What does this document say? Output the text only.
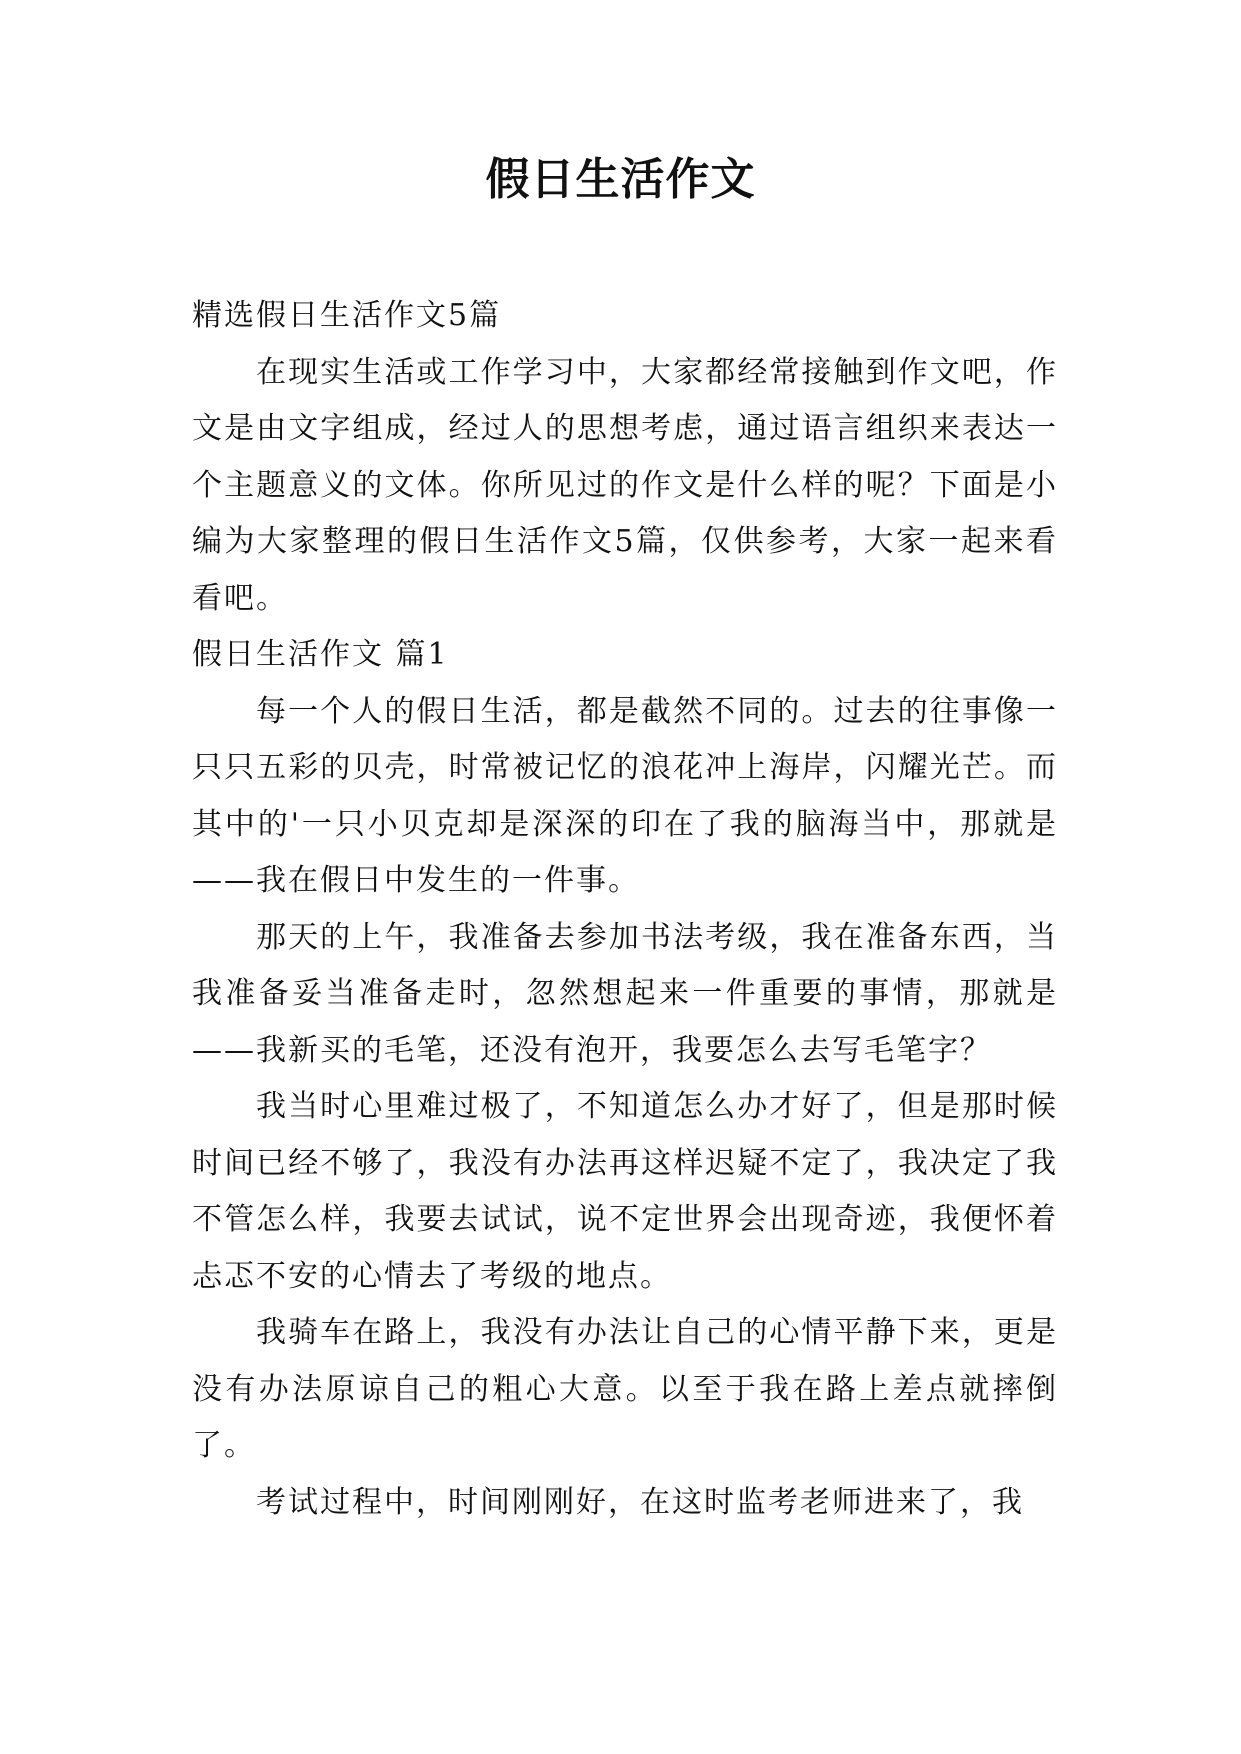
假日生活作文

精选假日生活作文5篇

在现实生活或工作学习中，大家都经常接触到作文吧，作文是由文字组成，经过人的思想考虑，通过语言组织来表达一个主题意义的文体。你所见过的作文是什么样的呢？下面是小编为大家整理的假日生活作文5篇，仅供参考，大家一起来看看吧。

假日生活作文 篇1

每一个人的假日生活，都是截然不同的。过去的往事像一只只五彩的贝壳，时常被记忆的浪花冲上海岸，闪耀光芒。而其中的'一只小贝克却是深深的印在了我的脑海当中，那就是——我在假日中发生的一件事。

那天的上午，我准备去参加书法考级，我在准备东西，当我准备妥当准备走时，忽然想起来一件重要的事情，那就是——我新买的毛笔，还没有泡开，我要怎么去写毛笔字？

我当时心里难过极了，不知道怎么办才好了，但是那时候时间已经不够了，我没有办法再这样迟疑不定了，我决定了我不管怎么样，我要去试试，说不定世界会出现奇迹，我便怀着忐忑不安的心情去了考级的地点。

我骑车在路上，我没有办法让自己的心情平静下来，更是没有办法原谅自己的粗心大意。以至于我在路上差点就摔倒了。

考试过程中，时间刚刚好，在这时监考老师进来了，我
